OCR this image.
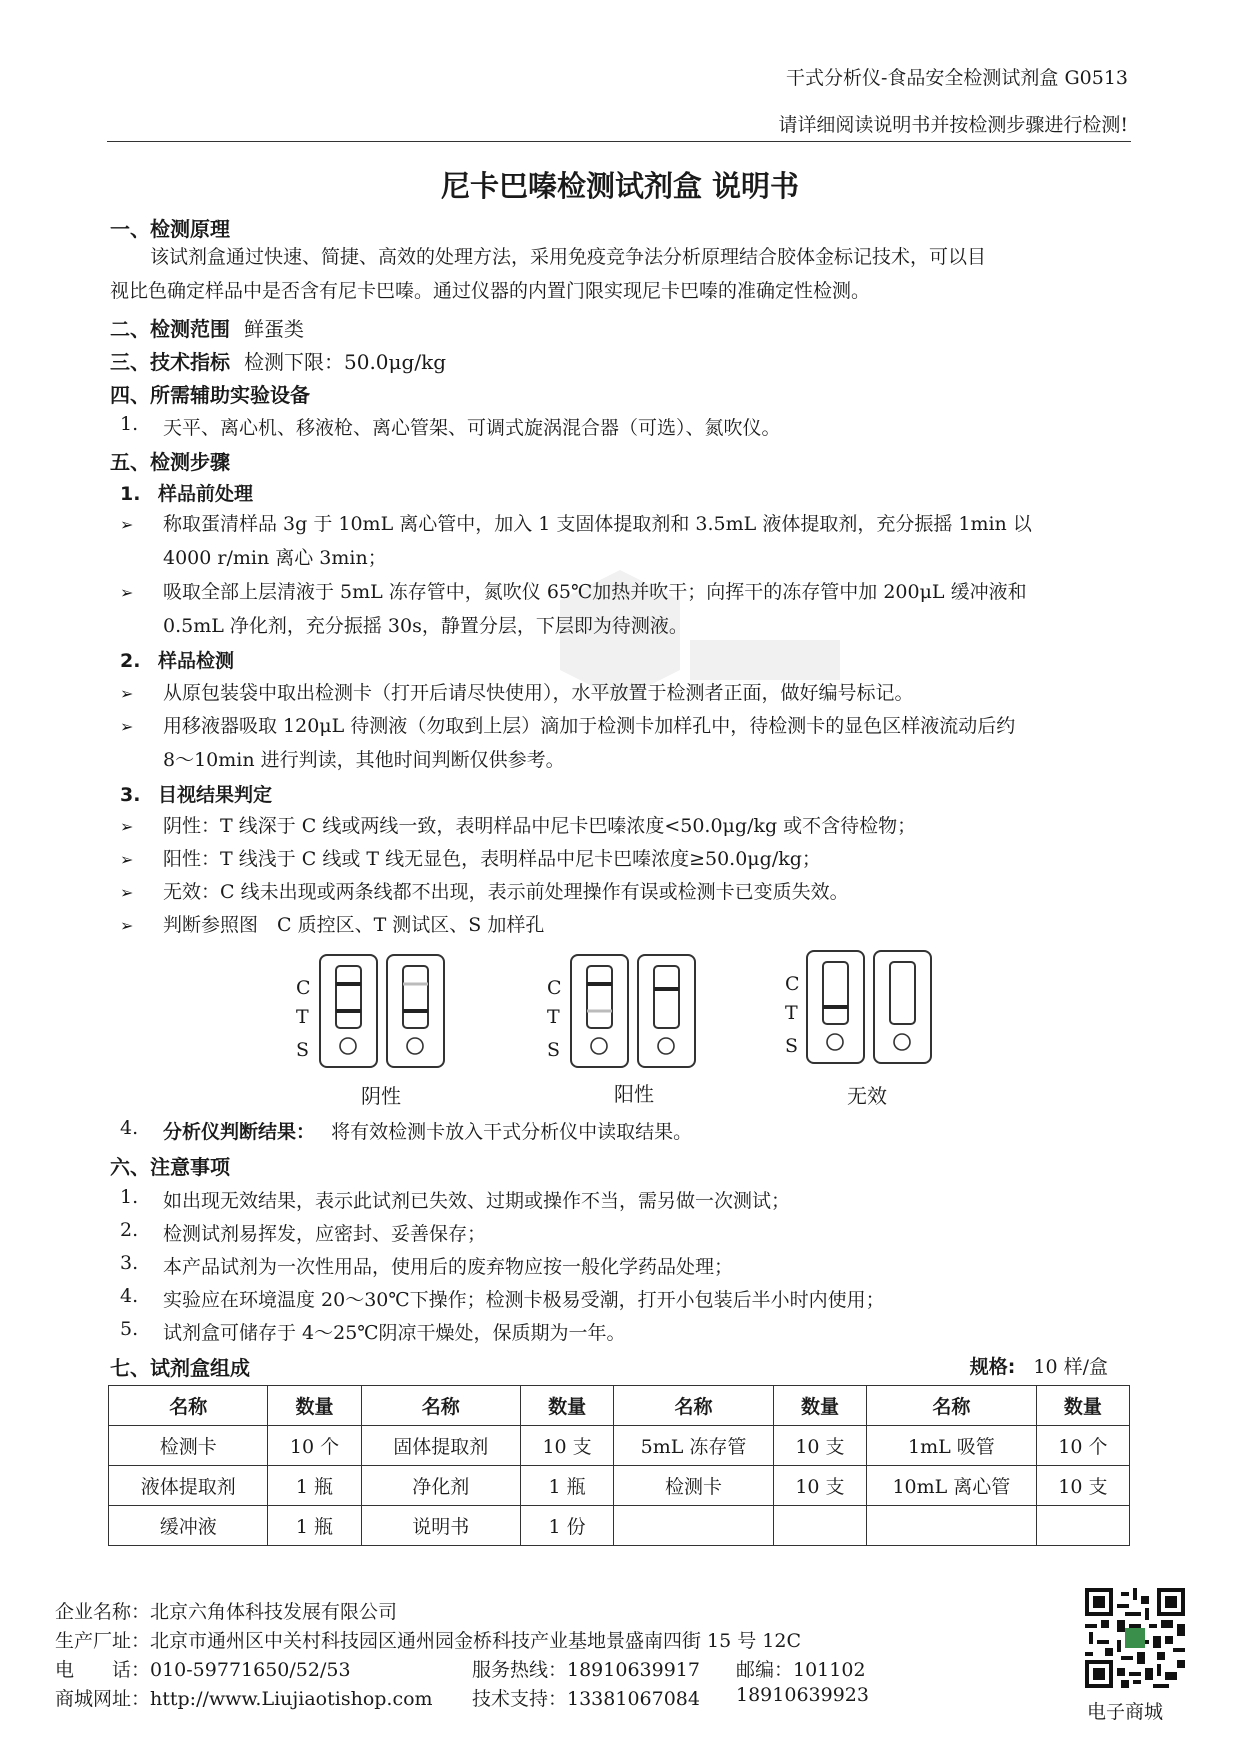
干式分析仪-食品安全检测试剂盒 G0513
请详细阅读说明书并按检测步骤进行检测!
尼卡巴嗪检测试剂盒 说明书
一、检测原理
该试剂盒通过快速、简捷、高效的处理方法，采用免疫竞争法分析原理结合胶体金标记技术，可以目
视比色确定样品中是否含有尼卡巴嗪。通过仪器的内置门限实现尼卡巴嗪的准确定性检测。
二、检测范围 鲜蛋类
三、技术指标 检测下限：50.0μg/kg
四、所需辅助实验设备
1. 天平、离心机、移液枪、离心管架、可调式旋涡混合器（可选）、氮吹仪。
五、检测步骤
1. 样品前处理
➢ 称取蛋清样品 3g 于 10mL 离心管中，加入 1 支固体提取剂和 3.5mL 液体提取剂，充分振摇 1min 以
4000 r/min 离心 3min；
➢ 吸取全部上层清液于 5mL 冻存管中，氮吹仪 65℃加热并吹干；向挥干的冻存管中加 200μL 缓冲液和
0.5mL 净化剂，充分振摇 30s，静置分层，下层即为待测液。
2. 样品检测
➢ 从原包装袋中取出检测卡（打开后请尽快使用），水平放置于检测者正面，做好编号标记。
➢ 用移液器吸取 120μL 待测液（勿取到上层）滴加于检测卡加样孔中，待检测卡的显色区样液流动后约
8～10min 进行判读，其他时间判断仅供参考。
3. 目视结果判定
➢ 阴性：T 线深于 C 线或两线一致，表明样品中尼卡巴嗪浓度<50.0μg/kg 或不含待检物；
➢ 阳性：T 线浅于 C 线或 T 线无显色，表明样品中尼卡巴嗪浓度≥50.0μg/kg；
➢ 无效：C 线未出现或两条线都不出现，表示前处理操作有误或检测卡已变质失效。
➢ 判断参照图　C 质控区、T 测试区、S 加样孔
C
T
S
C
T
S
C
T
S
阴性	阳性	无效
4. 分析仪判断结果： 将有效检测卡放入干式分析仪中读取结果。
六、注意事项
1. 如出现无效结果，表示此试剂已失效、过期或操作不当，需另做一次测试；
2. 检测试剂易挥发，应密封、妥善保存；
3. 本产品试剂为一次性用品，使用后的废弃物应按一般化学药品处理；
4. 实验应在环境温度 20～30℃下操作；检测卡极易受潮，打开小包装后半小时内使用；
5. 试剂盒可储存于 4～25℃阴凉干燥处，保质期为一年。
七、试剂盒组成	规格: 10 样/盒
名称	数量	名称	数量	名称	数量	名称	数量
检测卡	10 个	固体提取剂	10 支	5mL 冻存管	10 支	1mL 吸管	10 个
液体提取剂	1 瓶	净化剂	1 瓶	检测卡	10 支	10mL 离心管	10 支
缓冲液	1 瓶	说明书	1 份				
企业名称：北京六角体科技发展有限公司
生产厂址：北京市通州区中关村科技园区通州园金桥科技产业基地景盛南四街 15 号 12C
电　　话：010-59771650/52/53	服务热线：18910639917 邮编：101102
商城网址：http://www.Liujiaotishop.com 技术支持：13381067084 18910639923
电子商城
